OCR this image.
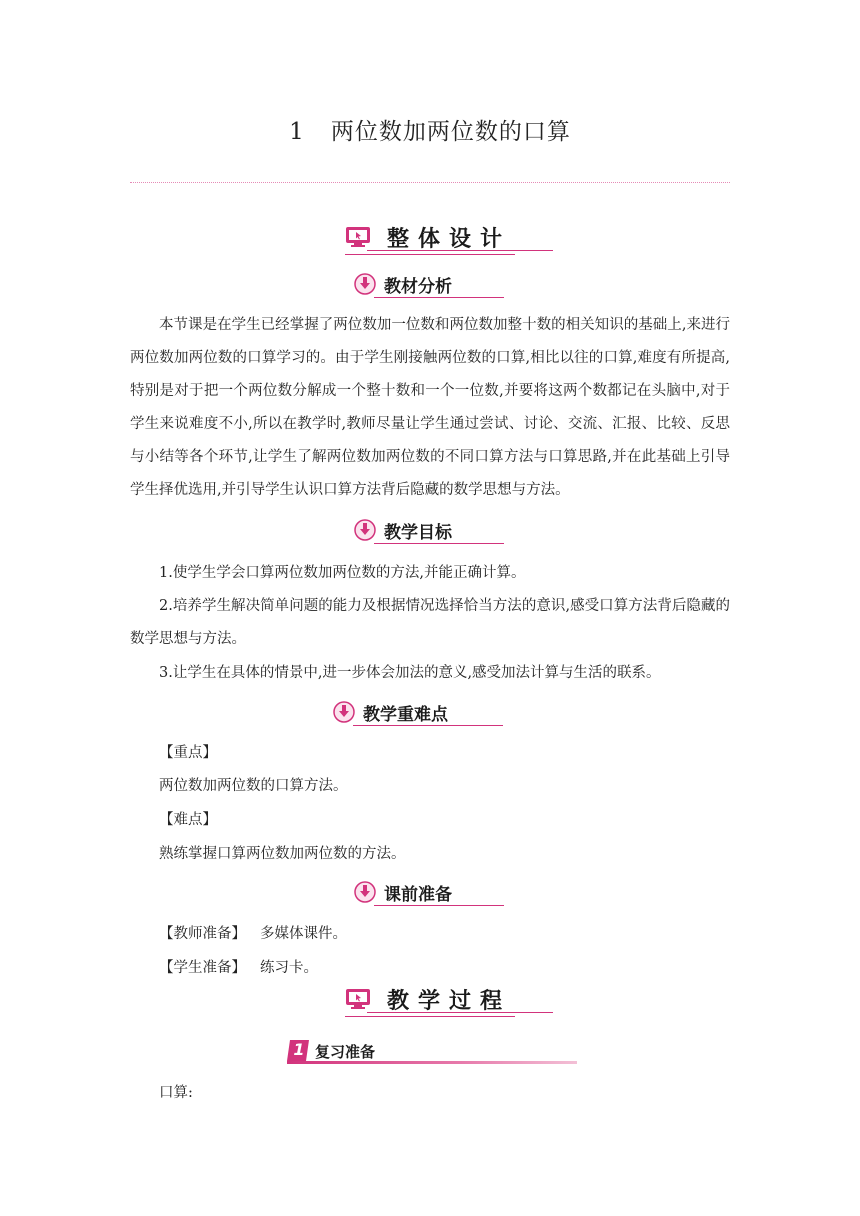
1 两位数加两位数的口算
整体设计
教材分析
本节课是在学生已经掌握了两位数加一位数和两位数加整十数的相关知识的基础上,来进行两位数加两位数的口算学习的。由于学生刚接触两位数的口算,相比以往的口算,难度有所提高,特别是对于把一个两位数分解成一个整十数和一个一位数,并要将这两个数都记在头脑中,对于学生来说难度不小,所以在教学时,教师尽量让学生通过尝试、讨论、交流、汇报、比较、反思与小结等各个环节,让学生了解两位数加两位数的不同口算方法与口算思路,并在此基础上引导学生择优选用,并引导学生认识口算方法背后隐藏的数学思想与方法。
教学目标
1.使学生学会口算两位数加两位数的方法,并能正确计算。
2.培养学生解决简单问题的能力及根据情况选择恰当方法的意识,感受口算方法背后隐藏的数学思想与方法。
3.让学生在具体的情景中,进一步体会加法的意义,感受加法计算与生活的联系。
教学重难点
【重点】
两位数加两位数的口算方法。
【难点】
熟练掌握口算两位数加两位数的方法。
课前准备
【教师准备】 多媒体课件。
【学生准备】 练习卡。
教学过程
1 复习准备
口算:
